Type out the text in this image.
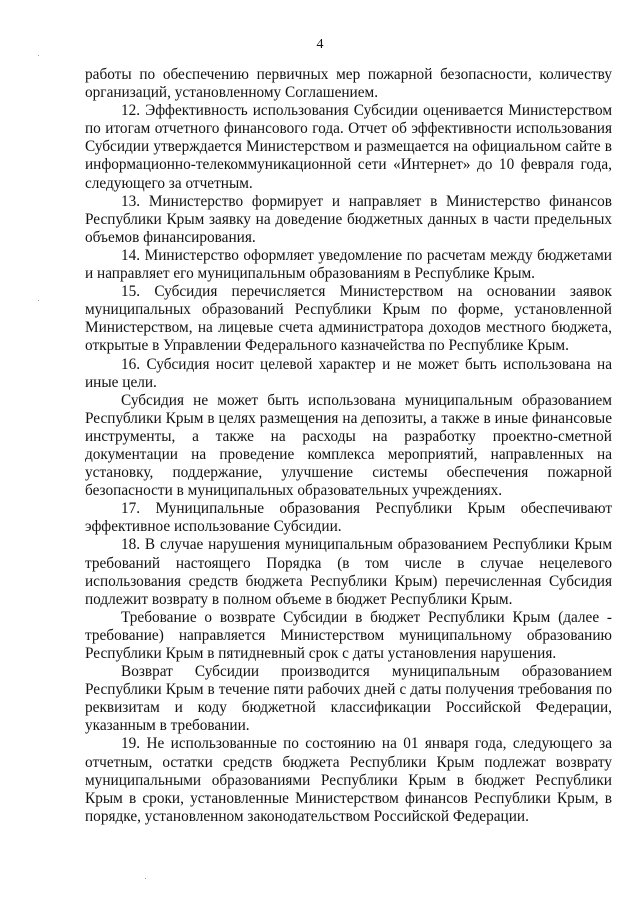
4

работы по обеспечению первичных мер пожарной безопасности, количеству организаций, установленному Соглашением.

12. Эффективность использования Субсидии оценивается Министерством по итогам отчетного финансового года. Отчет об эффективности использования Субсидии утверждается Министерством и размещается на официальном сайте в информационно-телекоммуникационной сети «Интернет» до 10 февраля года, следующего за отчетным.

13. Министерство формирует и направляет в Министерство финансов Республики Крым заявку на доведение бюджетных данных в части предельных объемов финансирования.

14. Министерство оформляет уведомление по расчетам между бюджетами и направляет его муниципальным образованиям в Республике Крым.

15. Субсидия перечисляется Министерством на основании заявок муниципальных образований Республики Крым по форме, установленной Министерством, на лицевые счета администратора доходов местного бюджета, открытые в Управлении Федерального казначейства по Республике Крым.

16. Субсидия носит целевой характер и не может быть использована на иные цели.

Субсидия не может быть использована муниципальным образованием Республики Крым в целях размещения на депозиты, а также в иные финансовые инструменты, а также на расходы на разработку проектно-сметной документации на проведение комплекса мероприятий, направленных на установку, поддержание, улучшение системы обеспечения пожарной безопасности в муниципальных образовательных учреждениях.

17. Муниципальные образования Республики Крым обеспечивают эффективное использование Субсидии.

18. В случае нарушения муниципальным образованием Республики Крым требований настоящего Порядка (в том числе в случае нецелевого использования средств бюджета Республики Крым) перечисленная Субсидия подлежит возврату в полном объеме в бюджет Республики Крым.

Требование о возврате Субсидии в бюджет Республики Крым (далее - требование) направляется Министерством муниципальному образованию Республики Крым в пятидневный срок с даты установления нарушения.

Возврат Субсидии производится муниципальным образованием Республики Крым в течение пяти рабочих дней с даты получения требования по реквизитам и коду бюджетной классификации Российской Федерации, указанным в требовании.

19. Не использованные по состоянию на 01 января года, следующего за отчетным, остатки средств бюджета Республики Крым подлежат возврату муниципальными образованиями Республики Крым в бюджет Республики Крым в сроки, установленные Министерством финансов Республики Крым, в порядке, установленном законодательством Российской Федерации.
